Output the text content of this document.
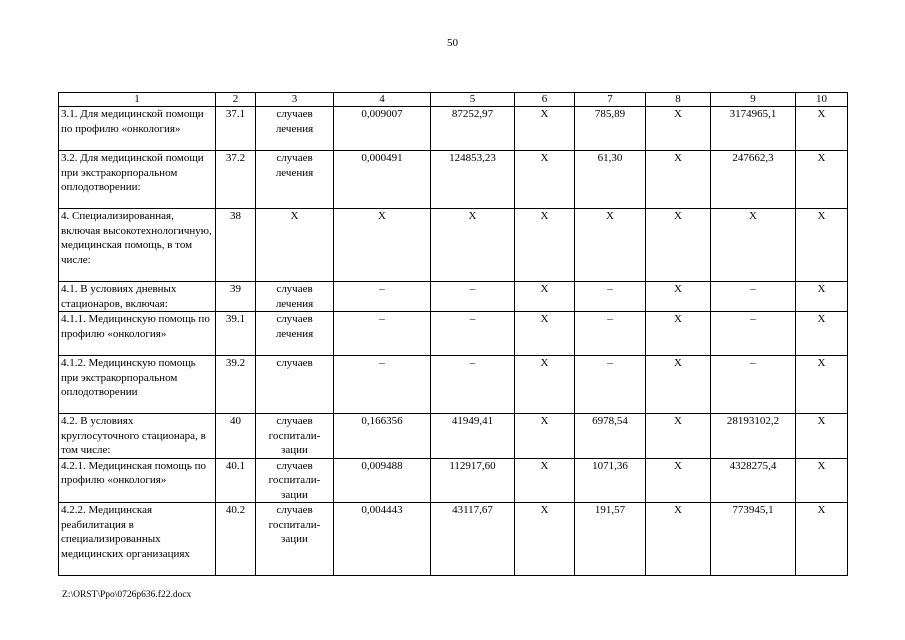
50
1	2	3	4	5	6	7	8	9	10
3.1. Для медицинской помощи по профилю «онкология»	37.1	случаев лечения	0,009007	87252,97	Х	785,89	Х	3174965,1	Х
3.2. Для медицинской помощи при экстракорпоральном оплодотворении:	37.2	случаев лечения	0,000491	124853,23	Х	61,30	Х	247662,3	Х
4. Специализированная, включая высокотехнологичную, медицинская помощь, в том числе:	38	Х	Х	Х	Х	Х	Х	Х	Х
4.1. В условиях дневных стационаров, включая:	39	случаев лечения	–	–	Х	–	Х	–	Х
4.1.1. Медицинскую помощь по профилю «онкология»	39.1	случаев лечения	–	–	Х	–	Х	–	Х
4.1.2. Медицинскую помощь при экстракорпоральном оплодотворении	39.2	случаев	–	–	Х	–	Х	–	Х
4.2. В условиях круглосуточного стационара, в том числе:	40	случаев госпитали-зации	0,166356	41949,41	Х	6978,54	Х	28193102,2	Х
4.2.1. Медицинская помощь по профилю «онкология»	40.1	случаев госпитали-зации	0,009488	112917,60	Х	1071,36	Х	4328275,4	Х
4.2.2. Медицинская реабилитация в специализированных медицинских организациях	40.2	случаев госпитали-зации	0,004443	43117,67	Х	191,57	Х	773945,1	Х
Z:\ORST\Ppo\0726p636.f22.docx
